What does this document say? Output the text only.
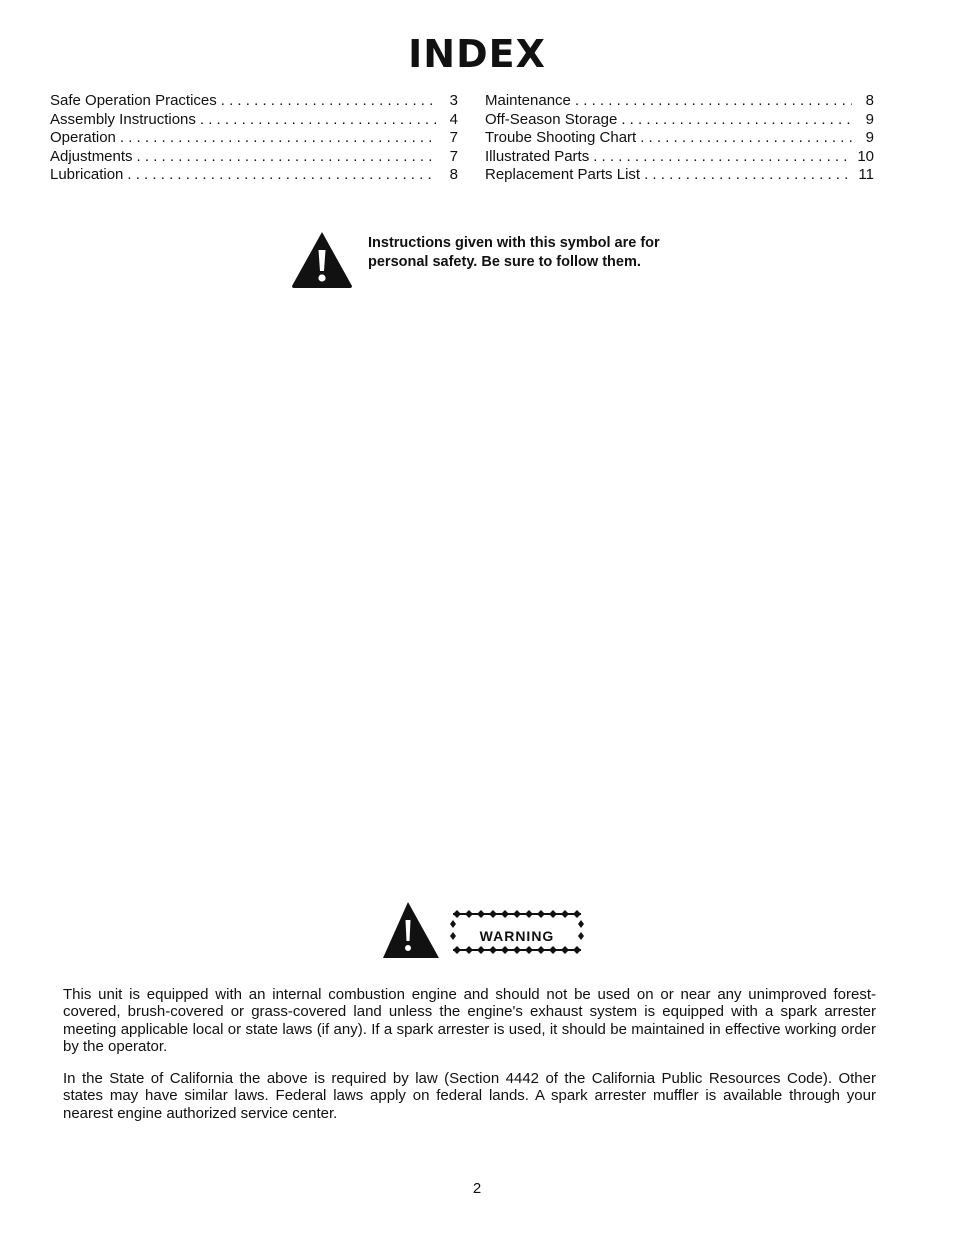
INDEX
Safe Operation Practices . . .	3
Assembly Instructions . . .	4
Operation . . .	7
Adjustments . . .	7
Lubrication . . .	8
Maintenance . . .	8
Off-Season Storage . . .	9
Troube Shooting Chart . . .	9
Illustrated Parts . . .	10
Replacement Parts List . . .	11
Instructions given with this symbol are for personal safety. Be sure to follow them.
WARNING
This unit is equipped with an internal combustion engine and should not be used on or near any unimproved forest-covered, brush-covered or grass-covered land unless the engine's exhaust system is equipped with a spark arrester meeting applicable local or state laws (if any). If a spark arrester is used, it should be maintained in effective working order by the operator.
In the State of California the above is required by law (Section 4442 of the California Public Resources Code). Other states may have similar laws. Federal laws apply on federal lands. A spark arrester muffler is available through your nearest engine authorized service center.
2
